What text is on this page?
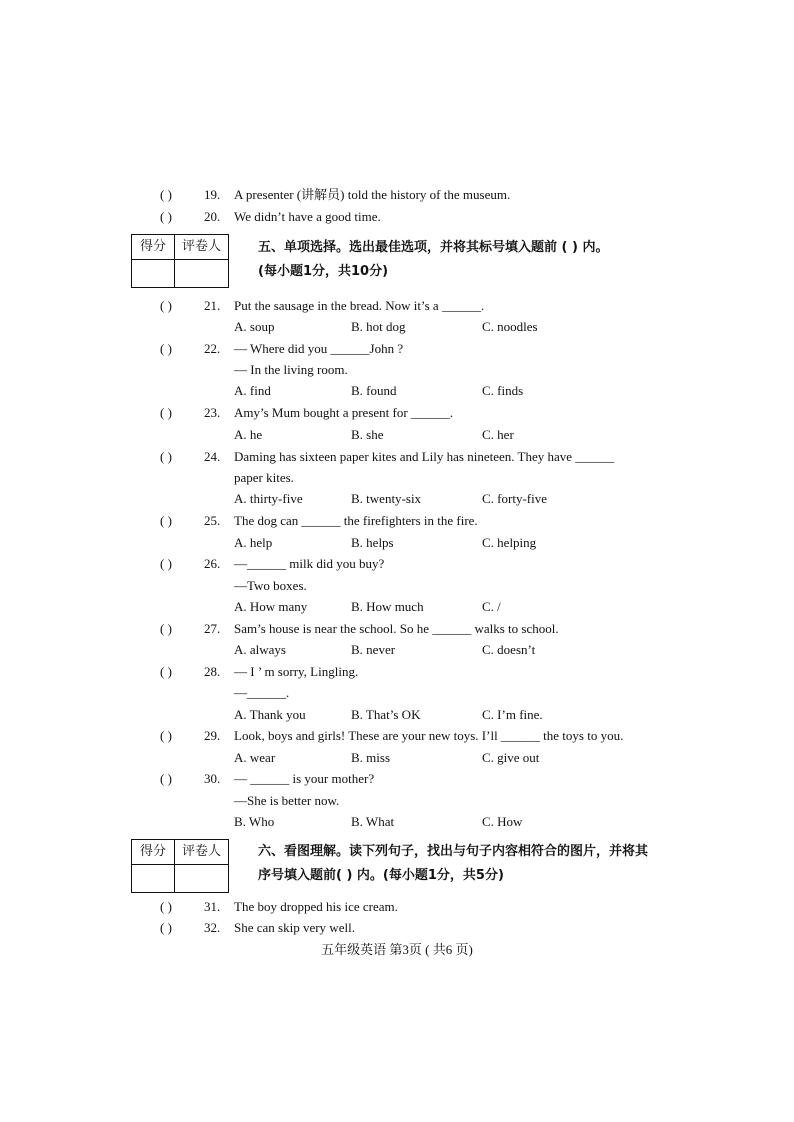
( ) 19. A presenter (讲解员) told the history of the museum.
( ) 20. We didn’t have a good time.
得分	评卷人	五、单项选择。选出最佳选项，并将其标号填入题前 ( ) 内。
(每小题1分，共10分)
( ) 21. Put the sausage in the bread. Now it’s a ______.
A. soup	B. hot dog	C. noodles
( ) 22. — Where did you ______John ?
— In the living room.
A. find	B. found	C. finds
( ) 23. Amy’s Mum bought a present for ______.
A. he	B. she	C. her
( ) 24. Daming has sixteen paper kites and Lily has nineteen. They have ______
paper kites.
A. thirty-five	B. twenty-six	C. forty-five
( ) 25. The dog can ______ the firefighters in the fire.
A. help	B. helps	C. helping
( ) 26. —______ milk did you buy?
—Two boxes.
A. How many	B. How much	C. /
( ) 27. Sam’s house is near the school. So he ______ walks to school.
A. always	B. never	C. doesn’t
( ) 28. — I ’ m sorry, Lingling.
—______.
A. Thank you	B. That’s OK	C. I’m fine.
( ) 29. Look, boys and girls! These are your new toys. I’ll ______ the toys to you.
A. wear	B. miss	C. give out
( ) 30. — ______ is your mother?
—She is better now.
B. Who	B. What	C. How
得分	评卷人	六、看图理解。读下列句子，找出与句子内容相符合的图片，并将其
序号填入题前( ) 内。(每小题1分，共5分)
( ) 31. The boy dropped his ice cream.
( ) 32. She can skip very well.
五年级英语 第3页 ( 共6 页)
